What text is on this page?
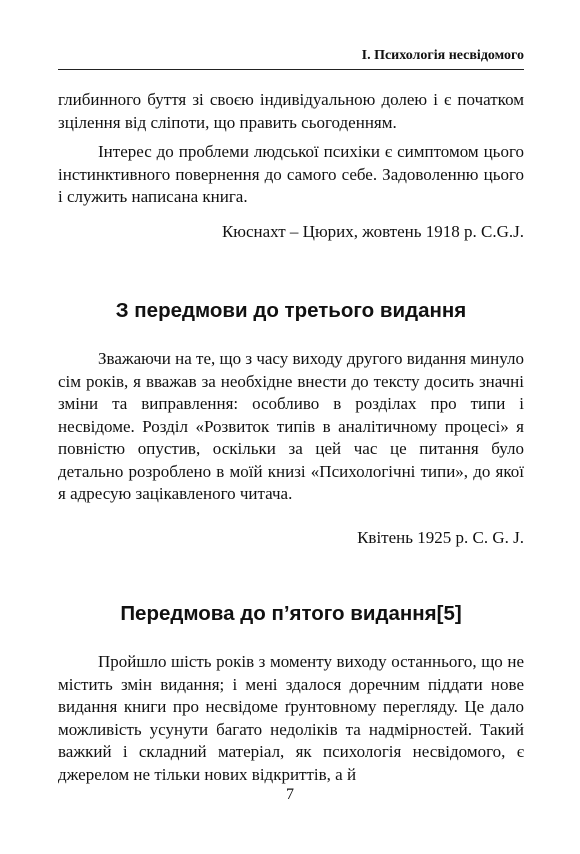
I. Психологія несвідомого

глибинного буття зі своєю індивідуальною долею і є початком зцілення від сліпоти, що править сьогоденням.

Інтерес до проблеми людської психіки є симптомом цього інстинктивного повернення до самого себе. Задоволенню цього і служить написана книга.

Кюснахт – Цюрих, жовтень 1918 р. C.G.J.
З передмови до третього видання

Зважаючи на те, що з часу виходу другого видання минуло сім років, я вважав за необхідне внести до тексту досить значні зміни та виправлення: особливо в розділах про типи і несвідоме. Розділ «Розвиток типів в аналітичному процесі» я повністю опустив, оскільки за цей час це питання було детально розроблено в моїй книзі «Психологічні типи», до якої я адресую зацікавленого читача.

Квітень 1925 р. C. G. J.
Передмова до п’ятого видання[5]

Пройшло шість років з моменту виходу останнього, що не містить змін видання; і мені здалося доречним піддати нове видання книги про несвідоме ґрунтовному перегляду. Це дало можливість усунути багато недоліків та надмірностей. Такий важкий і складний матеріал, як психологія несвідомого, є джерелом не тільки нових відкриттів, а й

7
